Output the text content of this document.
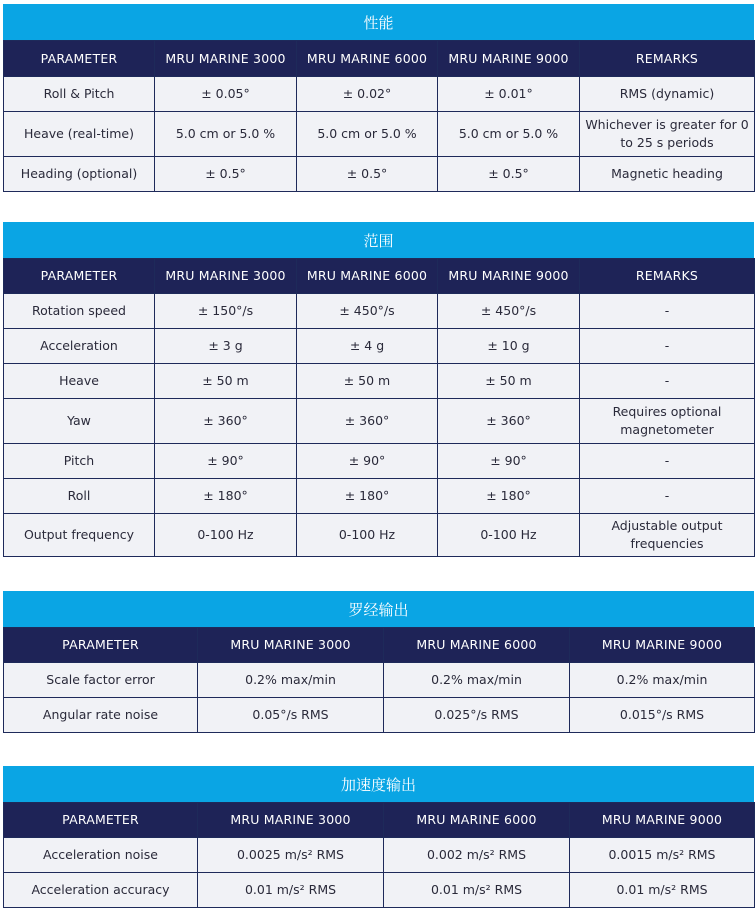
性能
PARAMETER	MRU MARINE 3000	MRU MARINE 6000	MRU MARINE 9000	REMARKS
Roll & Pitch	± 0.05°	± 0.02°	± 0.01°	RMS (dynamic)
Heave (real-time)	5.0 cm or 5.0 %	5.0 cm or 5.0 %	5.0 cm or 5.0 %	Whichever is greater for 0 to 25 s periods
Heading (optional)	± 0.5°	± 0.5°	± 0.5°	Magnetic heading
范围
PARAMETER	MRU MARINE 3000	MRU MARINE 6000	MRU MARINE 9000	REMARKS
Rotation speed	± 150°/s	± 450°/s	± 450°/s	-
Acceleration	± 3 g	± 4 g	± 10 g	-
Heave	± 50 m	± 50 m	± 50 m	-
Yaw	± 360°	± 360°	± 360°	Requires optional magnetometer
Pitch	± 90°	± 90°	± 90°	-
Roll	± 180°	± 180°	± 180°	-
Output frequency	0-100 Hz	0-100 Hz	0-100 Hz	Adjustable output frequencies
罗经输出
PARAMETER	MRU MARINE 3000	MRU MARINE 6000	MRU MARINE 9000
Scale factor error	0.2% max/min	0.2% max/min	0.2% max/min
Angular rate noise	0.05°/s RMS	0.025°/s RMS	0.015°/s RMS
加速度输出
PARAMETER	MRU MARINE 3000	MRU MARINE 6000	MRU MARINE 9000
Acceleration noise	0.0025 m/s² RMS	0.002 m/s² RMS	0.0015 m/s² RMS
Acceleration accuracy	0.01 m/s² RMS	0.01 m/s² RMS	0.01 m/s² RMS
